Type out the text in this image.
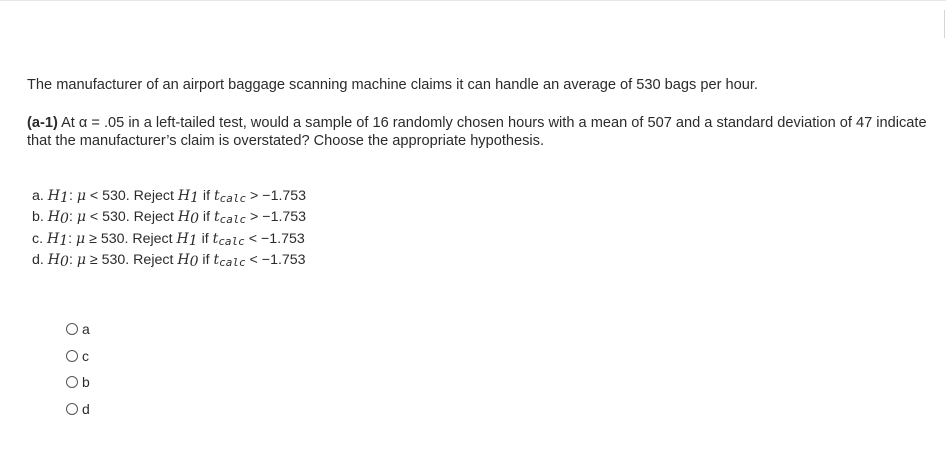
The manufacturer of an airport baggage scanning machine claims it can handle an average of 530 bags per hour.
(a-1) At α = .05 in a left-tailed test, would a sample of 16 randomly chosen hours with a mean of 507 and a standard deviation of 47 indicate that the manufacturer’s claim is overstated? Choose the appropriate hypothesis.
a. $H_1$: μ < 530. Reject $H_1$ if $t_{calc} > -1.753$
b. $H_0$: μ < 530. Reject $H_0$ if $t_{calc} > -1.753$
c. $H_1$: μ ≥ 530. Reject $H_1$ if $t_{calc} < -1.753$
d. $H_0$: μ ≥ 530. Reject $H_0$ if $t_{calc} < -1.753$
a
c
b
d
